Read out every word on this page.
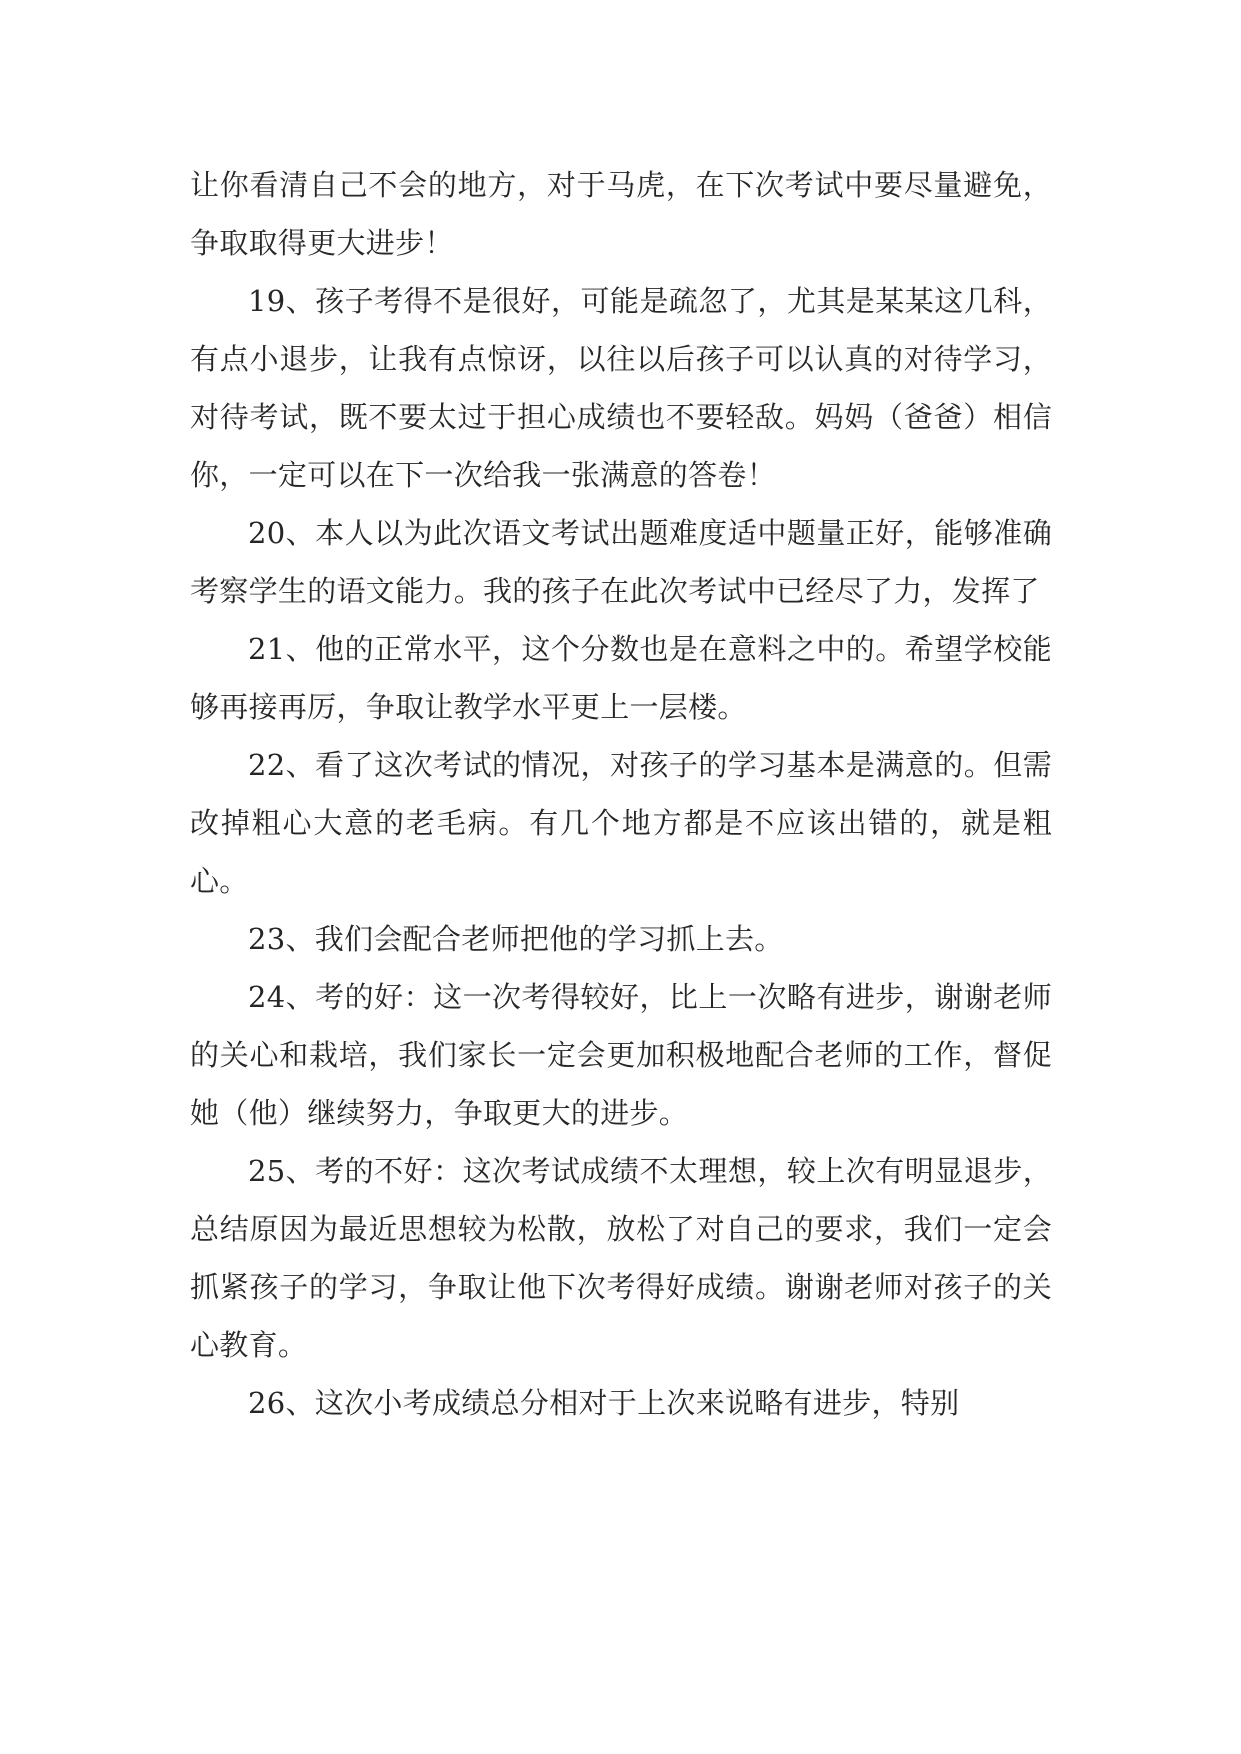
让你看清自己不会的地方，对于马虎，在下次考试中要尽量避免，争取取得更大进步！

19、孩子考得不是很好，可能是疏忽了，尤其是某某这几科，有点小退步，让我有点惊讶，以往以后孩子可以认真的对待学习，对待考试，既不要太过于担心成绩也不要轻敌。妈妈（爸爸）相信你，一定可以在下一次给我一张满意的答卷！

20、本人以为此次语文考试出题难度适中题量正好，能够准确考察学生的语文能力。我的孩子在此次考试中已经尽了力，发挥了

21、他的正常水平，这个分数也是在意料之中的。希望学校能够再接再厉，争取让教学水平更上一层楼。

22、看了这次考试的情况，对孩子的学习基本是满意的。但需改掉粗心大意的老毛病。有几个地方都是不应该出错的，就是粗心。

23、我们会配合老师把他的学习抓上去。

24、考的好：这一次考得较好，比上一次略有进步，谢谢老师的关心和栽培，我们家长一定会更加积极地配合老师的工作，督促她（他）继续努力，争取更大的进步。

25、考的不好：这次考试成绩不太理想，较上次有明显退步，总结原因为最近思想较为松散，放松了对自己的要求，我们一定会抓紧孩子的学习，争取让他下次考得好成绩。谢谢老师对孩子的关心教育。

26、这次小考成绩总分相对于上次来说略有进步，特别
